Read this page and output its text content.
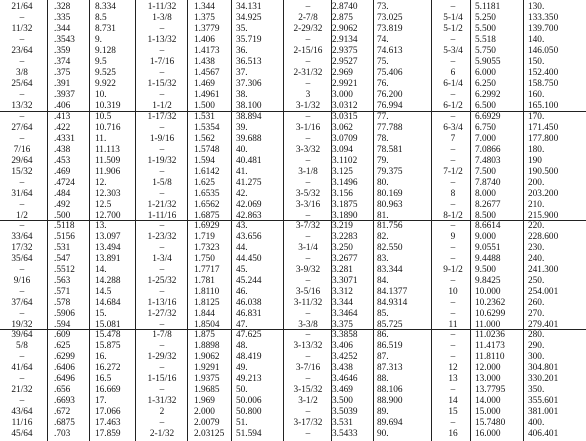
21/64	.328	8.334	1-11/32	1.344	34.131	–	2.8740	73.	–	5.1181	130.
–	.335	8.5	1-3/8	1.375	34.925	2-7/8	2.875	73.025	5-1/4	5.250	133.350
11/32	.344	8.731	–	1.3779	35.	2-29/32	2.9062	73.819	5-1/2	5.500	139.700
–	.3543	9.	1-13/32	1.406	35.719	–	2.9134	74.	–	5.518	140.
23/64	.359	9.128	–	1.4173	36.	2-15/16	2.9375	74.613	5-3/4	5.750	146.050
–	.374	9.5	1-7/16	1.438	36.513	–	2.9527	75.	–	5.9055	150.
3/8	.375	9.525	–	1.4567	37.	2-31/32	2.969	75.406	6	6.000	152.400
25/64	.391	9.922	1-15/32	1.469	37.306	–	2.9921	76.	6-1/4	6.250	158.750
–	.3937	10.	–	1.4961	38.	3	3.000	76.200	–	6.2992	160.
13/32	.406	10.319	1-1/2	1.500	38.100	3-1/32	3.0312	76.994	6-1/2	6.500	165.100
–	.413	10.5	1-17/32	1.531	38.894	–	3.0315	77.	–	6.6929	170.
27/64	.422	10.716	–	1.5354	39.	3-1/16	3.062	77.788	6-3/4	6.750	171.450
–	.4331	11.	1-9/16	1.562	39.688	–	3.0709	78.	7	7.000	177.800
7/16	.438	11.113	–	1.5748	40.	3-3/32	3.094	78.581	–	7.0866	180.
29/64	.453	11.509	1-19/32	1.594	40.481	–	3.1102	79.	–	7.4803	190
15/32	.469	11.906	–	1.6142	41.	3-1/8	3.125	79.375	7-1/2	7.500	190.500
–	.4724	12.	1-5/8	1.625	41.275	–	3.1496	80.	–	7.8740	200.
31/64	.484	12.303	–	1.6535	42.	3-5/32	3.156	80.169	8	8.000	203.200
–	.492	12.5	1-21/32	1.6562	42.069	3-3/16	3.1875	80.963	–	8.2677	210.
1/2	.500	12.700	1-11/16	1.6875	42.863	–	3.1890	81.	8-1/2	8.500	215.900
–	.5118	13.	–	1.6929	43.	3-7/32	3.219	81.756	–	8.6614	220.
33/64	.5156	13.097	1-23/32	1.719	43.656	–	3.2283	82.	9	9.000	228.600
17/32	.531	13.494	–	1.7323	44.	3-1/4	3.250	82.550	–	9.0551	230.
35/64	.547	13.891	1-3/4	1.750	44.450	–	3.2677	83.	–	9.4488	240.
–	.5512	14.	–	1.7717	45.	3-9/32	3.281	83.344	9-1/2	9.500	241.300
9/16	.563	14.288	1-25/32	1.781	45.244	–	3.3071	84.	–	9.8425	250.
–	.571	14.5	–	1.8110	46.	3-5/16	3.312	84.1377	10	10.000	254.001
37/64	.578	14.684	1-13/16	1.8125	46.038	3-11/32	3.344	84.9314	–	10.2362	260.
–	.5906	15.	1-27/32	1.844	46.831	–	3.3464	85.	–	10.6299	270.
19/32	.594	15.081	–	1.8504	47.	3-3/8	3.375	85.725	11	11.000	279.401
39/64	.609	15.478	1-7/8	1.875	47.625	–	3.3858	86.	–	11.0236	280.
5/8	.625	15.875	–	1.8898	48.	3-13/32	3.406	86.519	–	11.4173	290.
–	.6299	16.	1-29/32	1.9062	48.419	–	3.4252	87.	–	11.8110	300.
41/64	.6406	16.272	–	1.9291	49.	3-7/16	3.438	87.313	12	12.000	304.801
–	.6496	16.5	1-15/16	1.9375	49.213	–	3.4646	88.	13	13.000	330.201
21/32	.656	16.669	–	1.9685	50.	3-15/32	3.469	88.106	–	13.7795	350.
–	.6693	17.	1-31/32	1.969	50.006	3-1/2	3.500	88.900	14	14.000	355.601
43/64	.672	17.066	2	2.000	50.800	–	3.5039	89.	15	15.000	381.001
11/16	.6875	17.463	–	2.0079	51.	3-17/32	3.531	89.694	–	15.7480	400.
45/64	.703	17.859	2-1/32	2.03125	51.594	–	3.5433	90.	16	16.000	406.401
